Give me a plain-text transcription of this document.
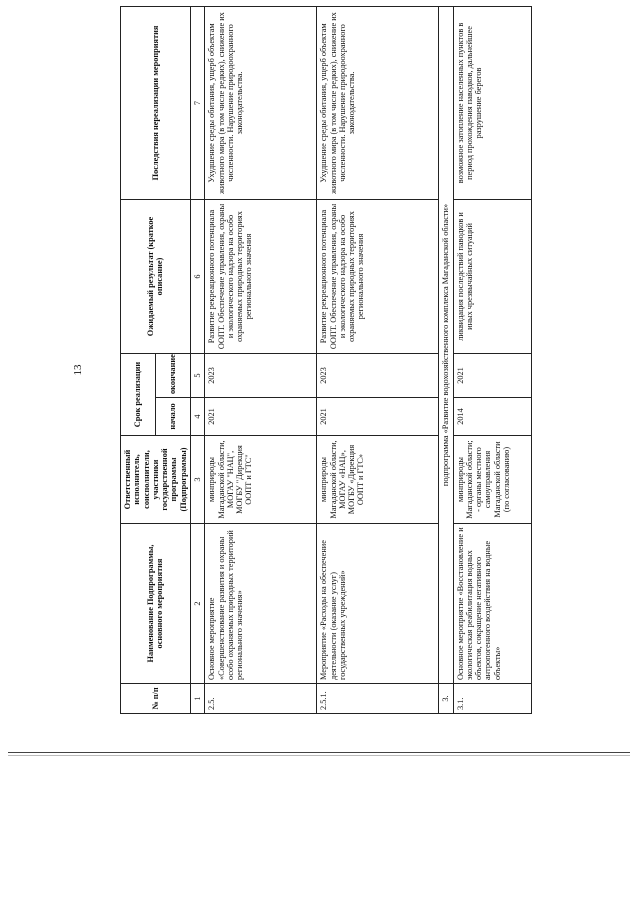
13
№ п/п	Наименование Подпрограммы, основного мероприятия	Ответственный исполнитель, соисполнители, участники государственной программы (Подпрограммы)	Срок реализации		Ожидаемый результат (краткое описание)	Последствия нереализации мероприятия
			начало	окончание		
1	2	3	4	5	6	7
2.5.	Основное мероприятие «Совершенствование развития и охраны особо охраняемых природных территорий регионального значения»	минприроды Магаданской области, МОГАУ "НАЦ", МОГБУ "Дирекция ООПТ и ГТС"	2021	2023	Развитие рекреационного потенциала ООПТ. Обеспечение управления, охраны и экологического надзора на особо охраняемых природных территориях регионального значения	Ухудшение среды обитания, ущерб объектам животного мира (в том числе редких), снижение их численности. Нарушение природоохранного законодательства.
2.5.1.	Мероприятие «Расходы на обеспечение деятельности (оказание услуг) государственных учреждений»	минприроды Магаданской области, МОГАУ «НАЦ», МОГБУ «Дирекция ООПТ и ГТС»	2021	2023	Развитие рекреационного потенциала ООПТ. Обеспечение управления, охраны и экологического надзора на особо охраняемых природных территориях регионального значения	Ухудшение среды обитания, ущерб объектам животного мира (в том числе редких), снижение их численности. Нарушение природоохранного законодательства.
3.	подпрограмма «Развитие водохозяйственного комплекса Магаданской области»					
3.1.	Основное мероприятие «Восстановление и экологическая реабилитация водных объектов, сокращение негативного антропогенного воздействия на водные объекты»	минприроды Магаданской области; - органы местного самоуправления Магаданской области (по согласованию)	2014	2021	ликвидация последствий паводков и иных чрезвычайных ситуаций	возможное затопление населенных пунктов в период прохождения паводков, дальнейшее разрушение берегов
